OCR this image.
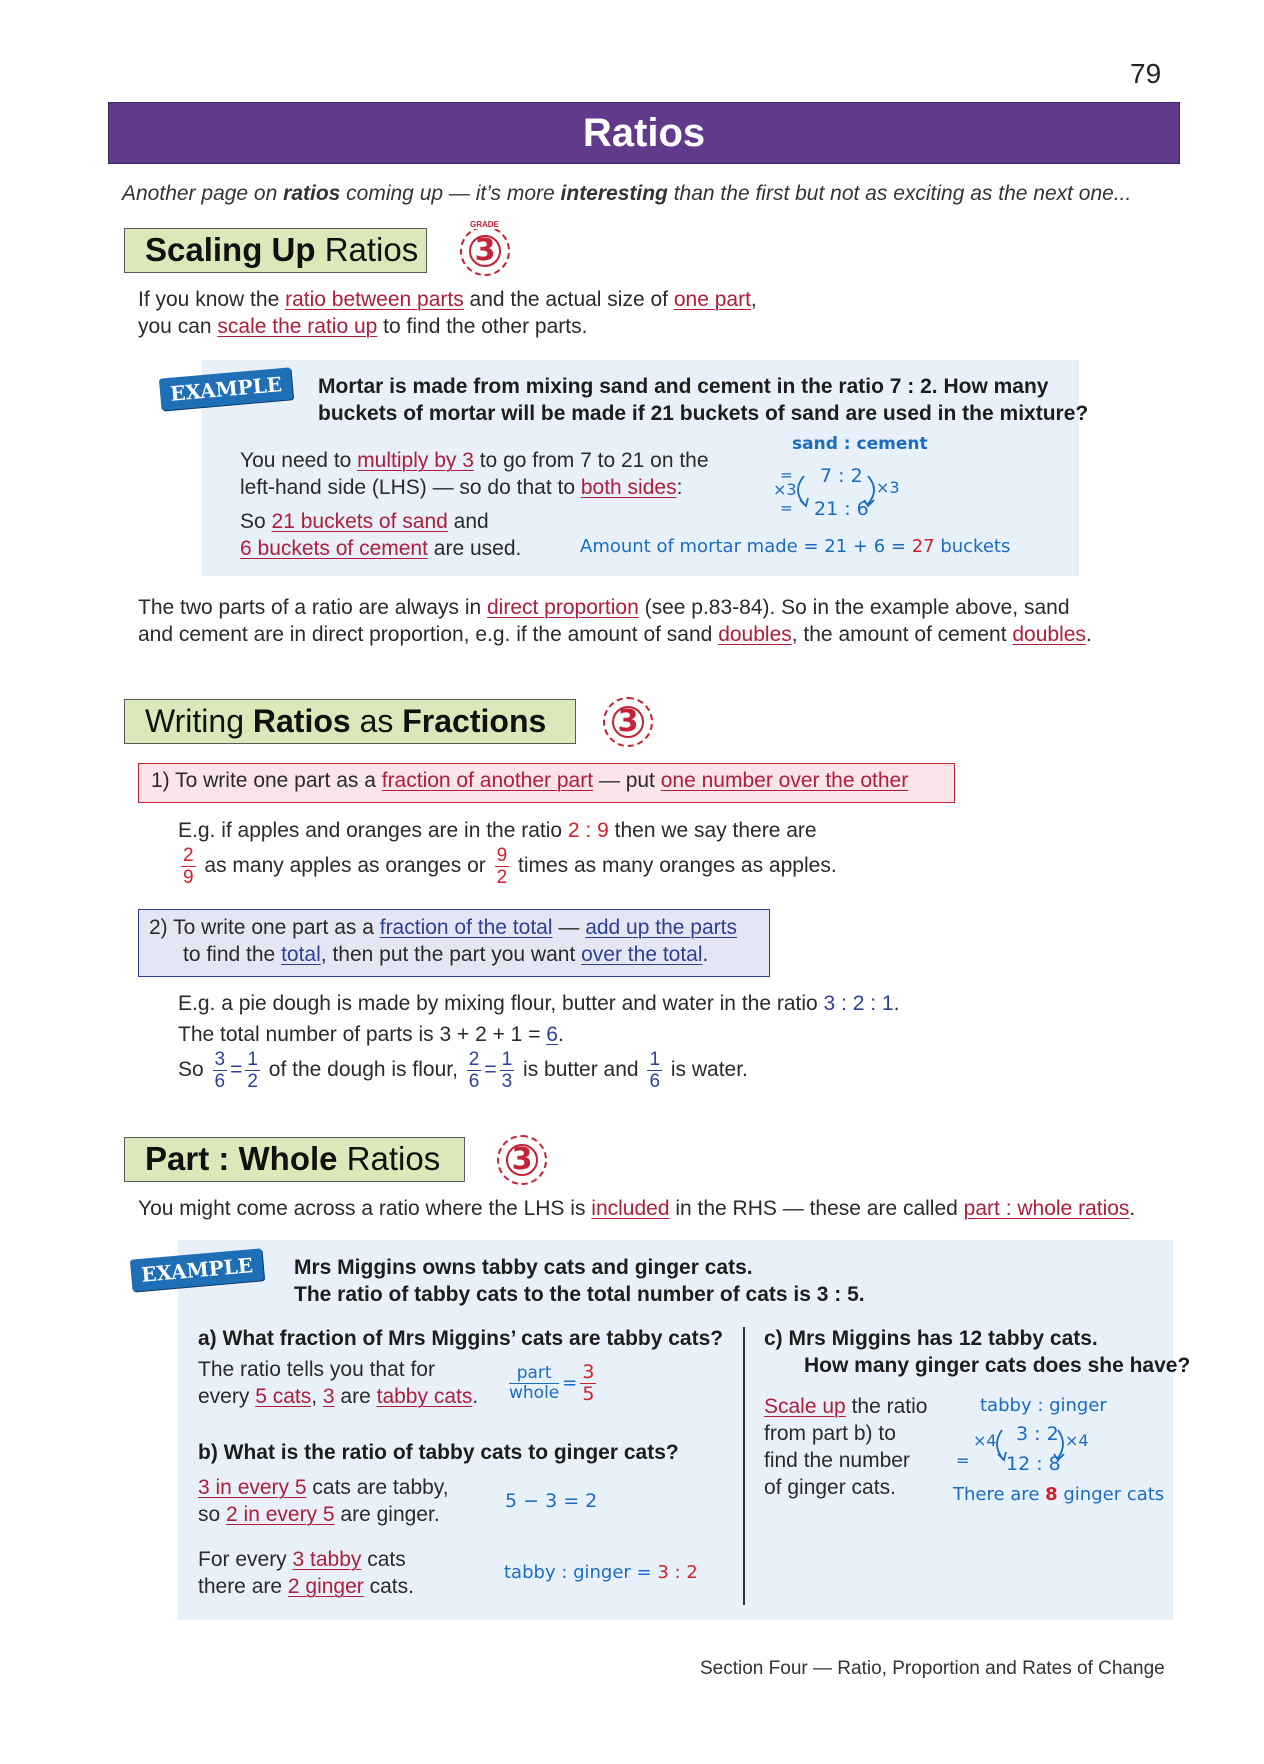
79
Ratios
Another page on ratios coming up — it’s more interesting than the first but not as exciting as the next one...
Scaling Up Ratios	3
GRADE
If you know the ratio between parts and the actual size of one part,
you can scale the ratio up to find the other parts.
EXAMPLE	Mortar is made from mixing sand and cement in the ratio 7 : 2. How many
buckets of mortar will be made if 21 buckets of sand are used in the mixture?
You need to multiply by 3 to go from 7 to 21 on the
left-hand side (LHS) — so do that to both sides:
So 21 buckets of sand and
6 buckets of cement are used.
sand : cement
7 : 2
21 : 6
×3	×3
=
=
Amount of mortar made = 21 + 6 = 27 buckets
The two parts of a ratio are always in direct proportion (see p.83-84). So in the example above, sand
and cement are in direct proportion, e.g. if the amount of sand doubles, the amount of cement doubles.
Writing Ratios as Fractions	3
1) To write one part as a fraction of another part — put one number over the other
E.g. if apples and oranges are in the ratio 2 : 9 then we say there are
$\frac{2}{9}$ as many apples as oranges or $\frac{9}{2}$ times as many oranges as apples.
2) To write one part as a fraction of the total — add up the parts
to find the total, then put the part you want over the total.
E.g. a pie dough is made by mixing flour, butter and water in the ratio 3 : 2 : 1.
The total number of parts is 3 + 2 + 1 = 6.
So $\frac{3}{6} = \frac{1}{2}$ of the dough is flour, $\frac{2}{6} = \frac{1}{3}$ is butter and $\frac{1}{6}$ is water.
Part : Whole Ratios	3
You might come across a ratio where the LHS is included in the RHS — these are called part : whole ratios.
EXAMPLE	Mrs Miggins owns tabby cats and ginger cats.
The ratio of tabby cats to the total number of cats is 3 : 5.
a) What fraction of Mrs Miggins’ cats are tabby cats?
The ratio tells you that for
every 5 cats, 3 are tabby cats. $\frac{\text{part}}{\text{whole}} = \frac{3}{5}$
b) What is the ratio of tabby cats to ginger cats?
3 in every 5 cats are tabby,
so 2 in every 5 are ginger.
5 − 3 = 2
For every 3 tabby cats
there are 2 ginger cats.
tabby : ginger = 3 : 2
c) Mrs Miggins has 12 tabby cats.
How many ginger cats does she have?
Scale up the ratio
from part b) to
find the number
of ginger cats.
tabby : ginger
3 : 2
12 : 8
×4	×4
=
There are 8 ginger cats
Section Four — Ratio, Proportion and Rates of Change
